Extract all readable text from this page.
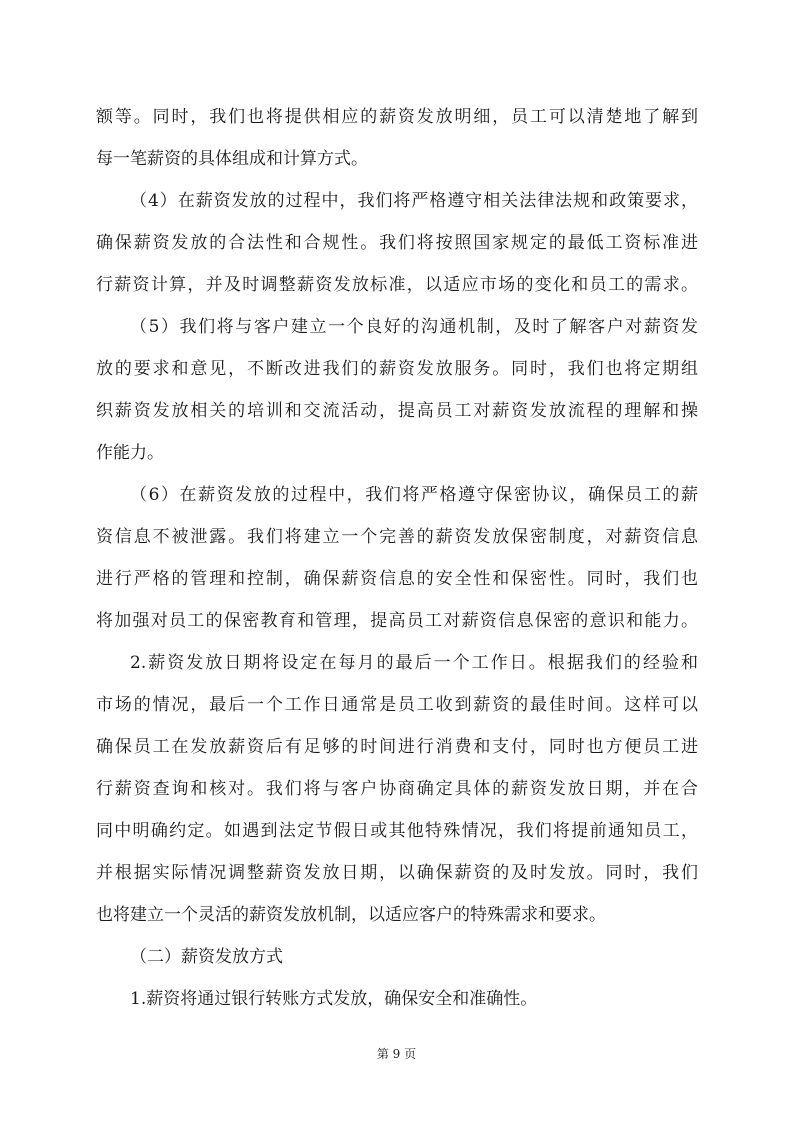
额等。同时，我们也将提供相应的薪资发放明细，员工可以清楚地了解到
每一笔薪资的具体组成和计算方式。
（4）在薪资发放的过程中，我们将严格遵守相关法律法规和政策要求，
确保薪资发放的合法性和合规性。我们将按照国家规定的最低工资标准进
行薪资计算，并及时调整薪资发放标准，以适应市场的变化和员工的需求。
（5）我们将与客户建立一个良好的沟通机制，及时了解客户对薪资发
放的要求和意见，不断改进我们的薪资发放服务。同时，我们也将定期组
织薪资发放相关的培训和交流活动，提高员工对薪资发放流程的理解和操
作能力。
（6）在薪资发放的过程中，我们将严格遵守保密协议，确保员工的薪
资信息不被泄露。我们将建立一个完善的薪资发放保密制度，对薪资信息
进行严格的管理和控制，确保薪资信息的安全性和保密性。同时，我们也
将加强对员工的保密教育和管理，提高员工对薪资信息保密的意识和能力。
2.薪资发放日期将设定在每月的最后一个工作日。根据我们的经验和
市场的情况，最后一个工作日通常是员工收到薪资的最佳时间。这样可以
确保员工在发放薪资后有足够的时间进行消费和支付，同时也方便员工进
行薪资查询和核对。我们将与客户协商确定具体的薪资发放日期，并在合
同中明确约定。如遇到法定节假日或其他特殊情况，我们将提前通知员工，
并根据实际情况调整薪资发放日期，以确保薪资的及时发放。同时，我们
也将建立一个灵活的薪资发放机制，以适应客户的特殊需求和要求。
（二）薪资发放方式
1.薪资将通过银行转账方式发放，确保安全和准确性。
第 9 页
